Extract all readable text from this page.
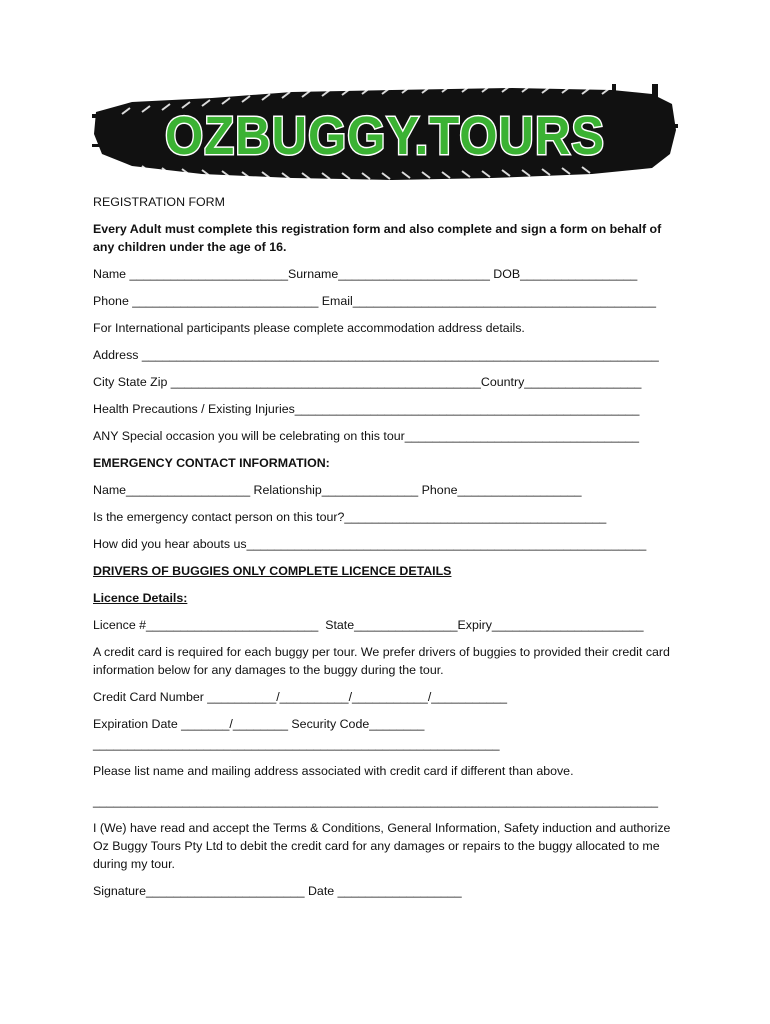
OZBUGGY.TOURS
REGISTRATION FORM
Every Adult must complete this registration form and also complete and sign a form on behalf of any children under the age of 16.
Name _______________________Surname______________________ DOB_________________
Phone ___________________________ Email____________________________________________
For International participants please complete accommodation address details.
Address ___________________________________________________________________________
City State Zip _____________________________________________Country_________________
Health Precautions / Existing Injuries__________________________________________________
ANY Special occasion you will be celebrating on this tour__________________________________
EMERGENCY CONTACT INFORMATION:
Name__________________ Relationship______________ Phone__________________
Is the emergency contact person on this tour?______________________________________
How did you hear abouts us__________________________________________________________
DRIVERS OF BUGGIES ONLY COMPLETE LICENCE DETAILS
Licence Details:
Licence #_________________________  State_______________Expiry______________________
A credit card is required for each buggy per tour. We prefer drivers of buggies to provided their credit card information below for any damages to the buggy during the tour.
Credit Card Number __________/__________/___________/___________
Expiration Date _______/________ Security Code________
___________________________________________________________
Please list name and mailing address associated with credit card if different than above.
__________________________________________________________________________________
I (We) have read and accept the Terms & Conditions, General Information, Safety induction and authorize Oz Buggy Tours Pty Ltd to debit the credit card for any damages or repairs to the buggy allocated to me during my tour.
Signature_______________________ Date __________________
